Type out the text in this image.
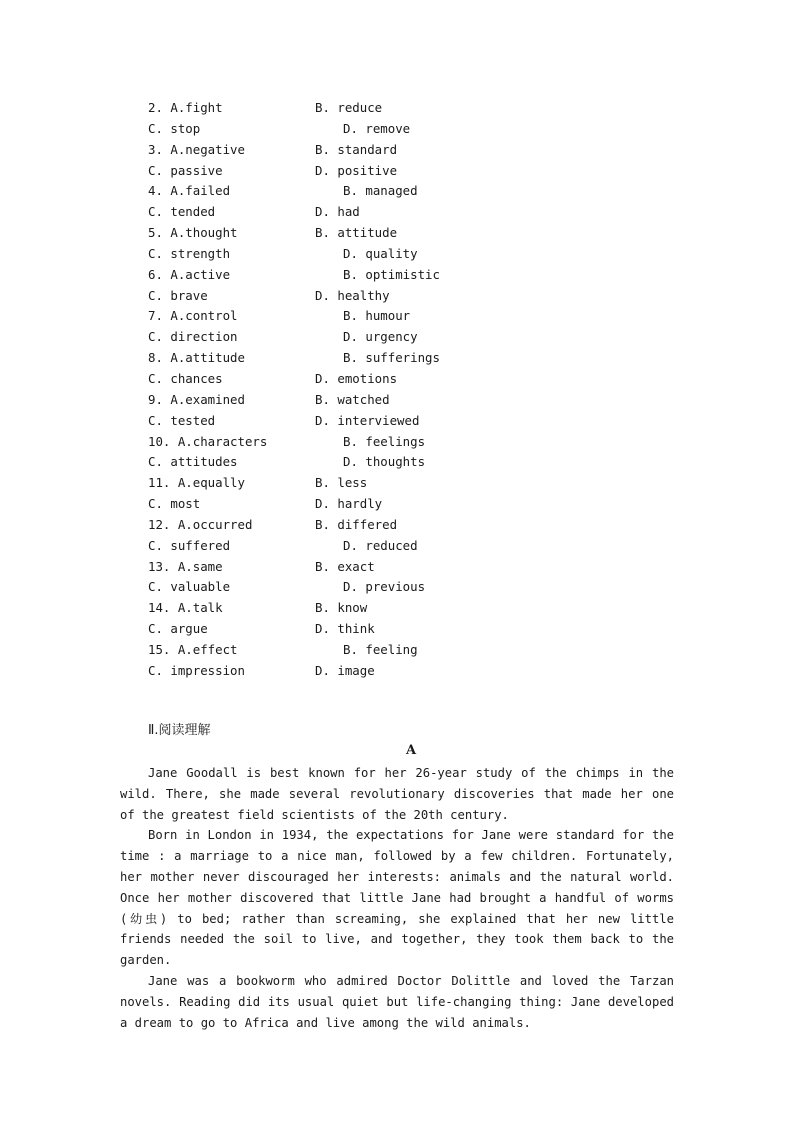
2. A.fight	B. reduce
C. stop	D. remove
3. A.negative	B. standard
C. passive	D. positive
4. A.failed	B. managed
C. tended	D. had
5. A.thought	B. attitude
C. strength	D. quality
6. A.active	B. optimistic
C. brave	D. healthy
7. A.control	B. humour
C. direction	D. urgency
8. A.attitude	B. sufferings
C. chances	D. emotions
9. A.examined	B. watched
C. tested	D. interviewed
10. A.characters	B. feelings
C. attitudes	D. thoughts
11. A.equally	B. less
C. most	D. hardly
12. A.occurred	B. differed
C. suffered	D. reduced
13. A.same	B. exact
C. valuable	D. previous
14. A.talk	B. know
C. argue	D. think
15. A.effect	B. feeling
C. impression	D. image
Ⅱ.阅读理解
A

Jane Goodall is best known for her 26-year study of the chimps in the wild. There, she made several revolutionary discoveries that made her one of the greatest field scientists of the 20th century.

Born in London in 1934, the expectations for Jane were standard for the time : a marriage to a nice man, followed by a few children. Fortunately, her mother never discouraged her interests: animals and the natural world. Once her mother discovered that little Jane had brought a handful of worms (幼虫) to bed; rather than screaming, she explained that her new little friends needed the soil to live, and together, they took them back to the garden.

Jane was a bookworm who admired Doctor Dolittle and loved the Tarzan novels. Reading did its usual quiet but life-changing thing: Jane developed a dream to go to Africa and live among the wild animals.
